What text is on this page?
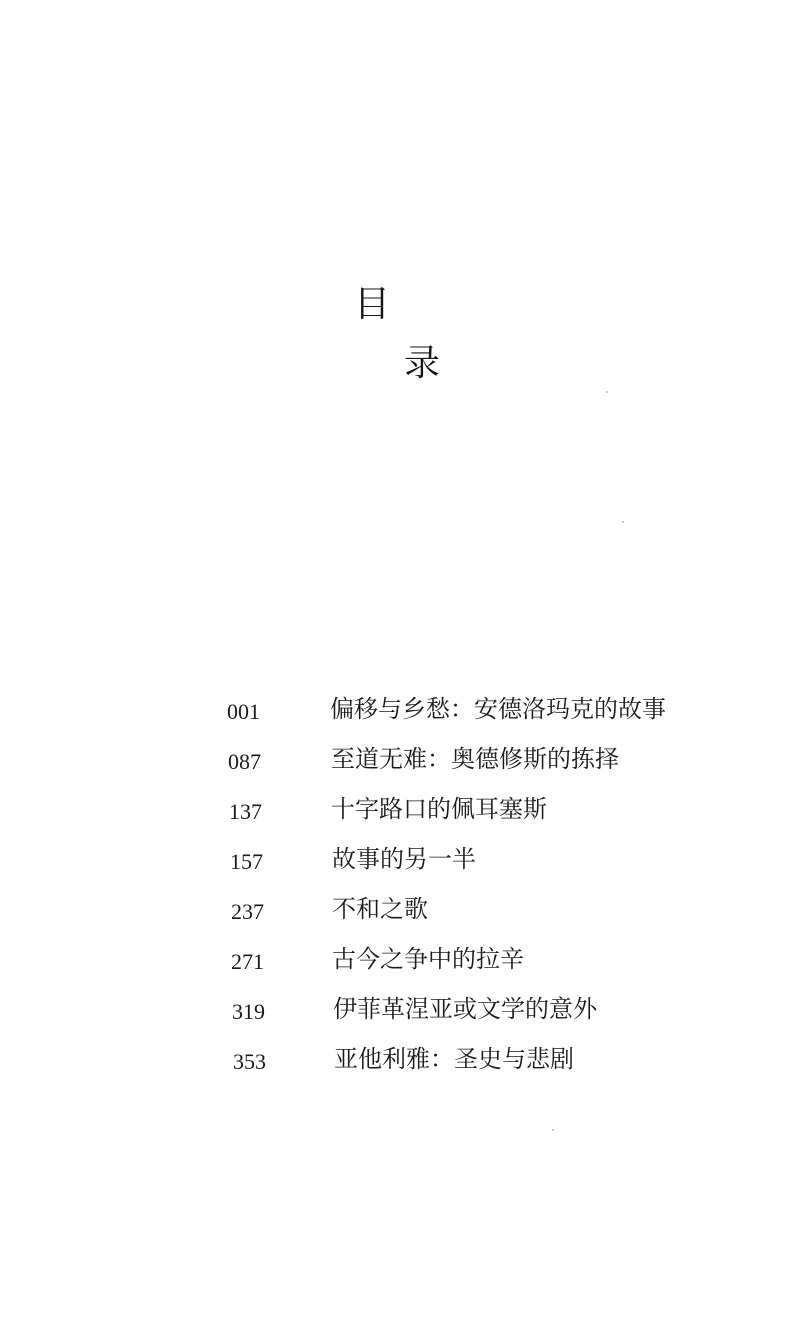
目
录
001	偏移与乡愁：安德洛玛克的故事
087	至道无难：奥德修斯的拣择
137	十字路口的佩耳塞斯
157	故事的另一半
237	不和之歌
271	古今之争中的拉辛
319	伊菲革涅亚或文学的意外
353	亚他利雅：圣史与悲剧
